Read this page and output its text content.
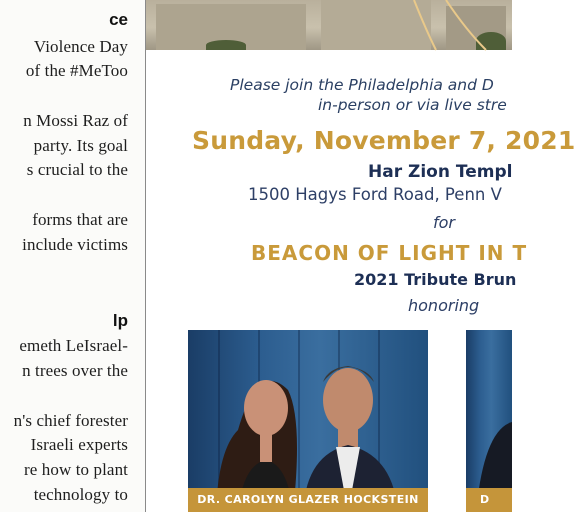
ce
Violence Day
of the #MeToo
n Mossi Raz of
party. Its goal
s crucial to the
forms that are
include victims
lp
emeth LeIsrael-
n trees over the
n's chief forester
Israeli experts
re how to plant
technology to
Please join the Philadelphia and D
in-person or via live stre
Sunday, November 7, 2021
Har Zion Templ
1500 Hagys Ford Road, Penn V
for
BEACON OF LIGHT IN T
2021 Tribute Brun
honoring
DR. CAROLYN GLAZER HOCKSTEIN	D
